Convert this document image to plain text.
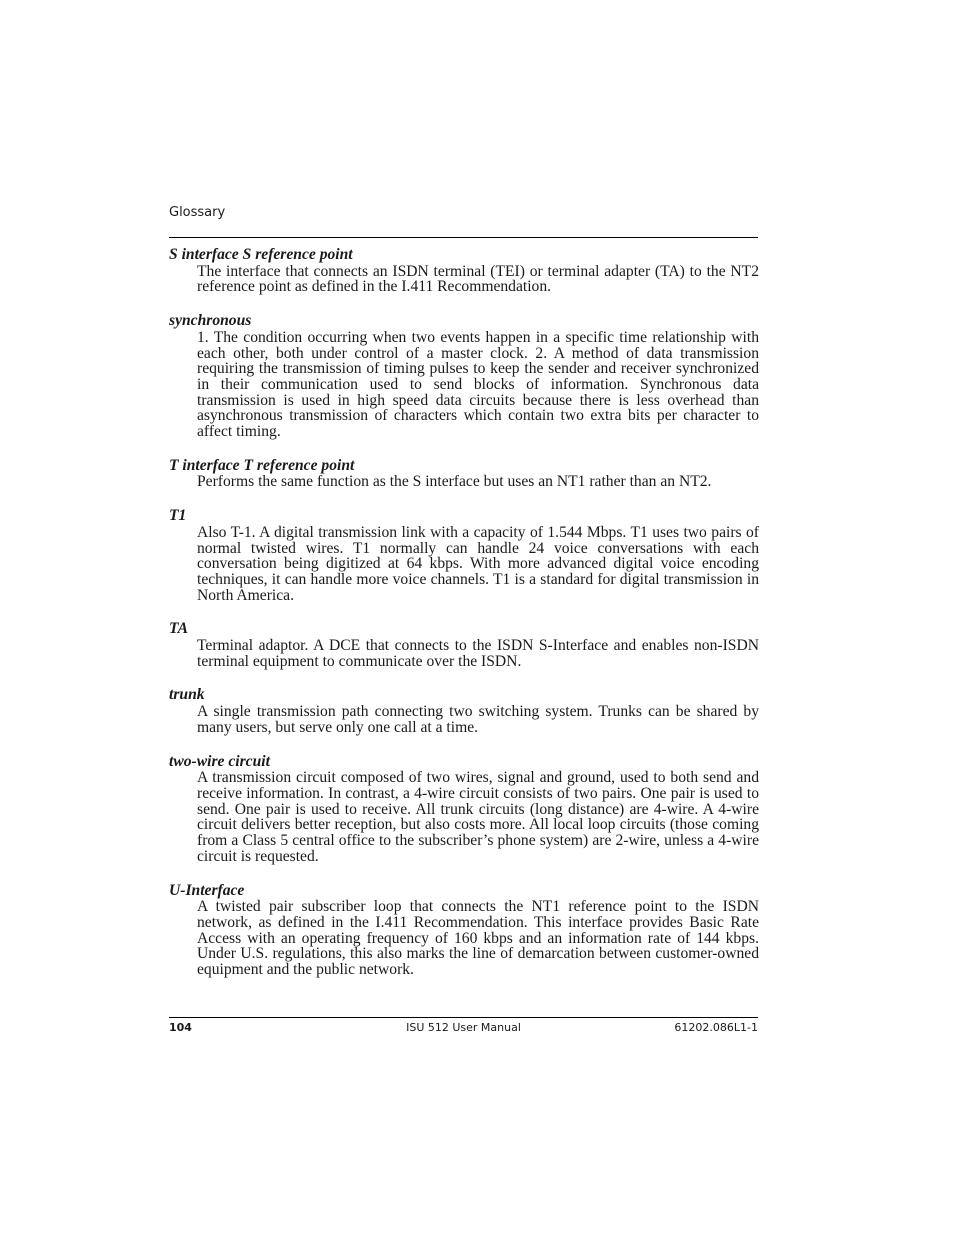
Glossary
S interface S reference point
The interface that connects an ISDN terminal (TEI) or terminal adapter (TA) to the NT2 reference point as defined in the I.411 Recommendation.
synchronous
1. The condition occurring when two events happen in a specific time relationship with each other, both under control of a master clock. 2. A method of data transmission requiring the transmission of timing pulses to keep the sender and receiver synchronized in their communication used to send blocks of information. Synchronous data transmission is used in high speed data circuits because there is less overhead than asynchronous transmission of characters which contain two extra bits per character to affect timing.
T interface T reference point
Performs the same function as the S interface but uses an NT1 rather than an NT2.
T1
Also T-1. A digital transmission link with a capacity of 1.544 Mbps. T1 uses two pairs of normal twisted wires. T1 normally can handle 24 voice conversations with each conversation being digitized at 64 kbps. With more advanced digital voice encoding techniques, it can handle more voice channels. T1 is a standard for digital transmission in North America.
TA
Terminal adaptor. A DCE that connects to the ISDN S-Interface and enables non-ISDN terminal equipment to communicate over the ISDN.
trunk
A single transmission path connecting two switching system. Trunks can be shared by many users, but serve only one call at a time.
two-wire circuit
A transmission circuit composed of two wires, signal and ground, used to both send and receive information. In contrast, a 4-wire circuit consists of two pairs. One pair is used to send. One pair is used to receive. All trunk circuits (long distance) are 4-wire. A 4-wire circuit delivers better reception, but also costs more. All local loop circuits (those coming from a Class 5 central office to the subscriber’s phone system) are 2-wire, unless a 4-wire circuit is requested.
U-Interface
A twisted pair subscriber loop that connects the NT1 reference point to the ISDN network, as defined in the I.411 Recommendation. This interface provides Basic Rate Access with an operating frequency of 160 kbps and an information rate of 144 kbps. Under U.S. regulations, this also marks the line of demarcation between customer-owned equipment and the public network.
104	ISU 512 User Manual	61202.086L1-1
